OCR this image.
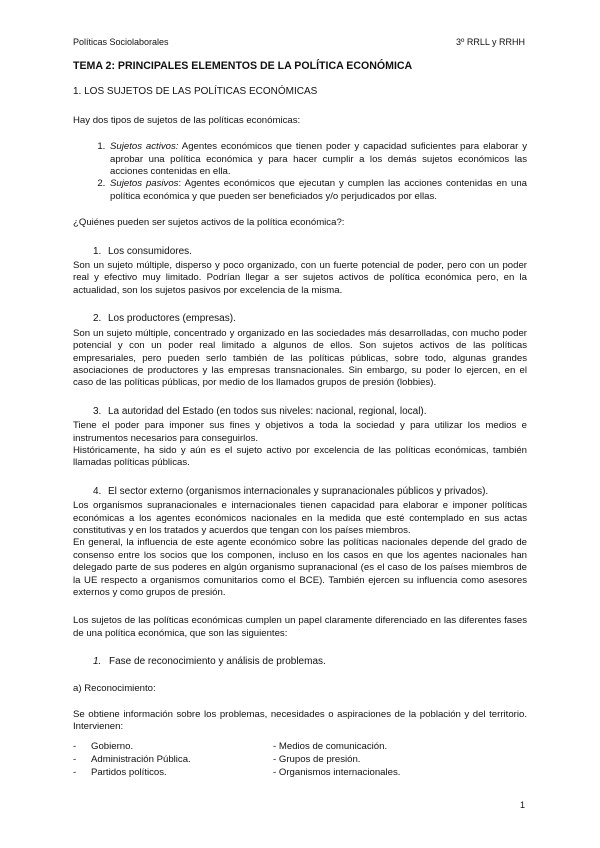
Políticas Sociolaborales	3º RRLL y RRHH

TEMA 2: PRINCIPALES ELEMENTOS DE LA POLÍTICA ECONÓMICA

1. LOS SUJETOS DE LAS POLÍTICAS ECONÓMICAS

Hay dos tipos de sujetos de las políticas económicas:

1. Sujetos activos: Agentes económicos que tienen poder y capacidad suficientes para elaborar y aprobar una política económica y para hacer cumplir a los demás sujetos económicos las acciones contenidas en ella.
2. Sujetos pasivos: Agentes económicos que ejecutan y cumplen las acciones contenidas en una política económica y que pueden ser beneficiados y/o perjudicados por ellas.

¿Quiénes pueden ser sujetos activos de la política económica?:

1. Los consumidores.

Son un sujeto múltiple, disperso y poco organizado, con un fuerte potencial de poder, pero con un poder real y efectivo muy limitado. Podrían llegar a ser sujetos activos de política económica pero, en la actualidad, son los sujetos pasivos por excelencia de la misma.

2. Los productores (empresas).

Son un sujeto múltiple, concentrado y organizado en las sociedades más desarrolladas, con mucho poder potencial y con un poder real limitado a algunos de ellos. Son sujetos activos de las políticas empresariales, pero pueden serlo también de las políticas públicas, sobre todo, algunas grandes asociaciones de productores y las empresas transnacionales. Sin embargo, su poder lo ejercen, en el caso de las políticas públicas, por medio de los llamados grupos de presión (lobbies).

3. La autoridad del Estado (en todos sus niveles: nacional, regional, local).

Tiene el poder para imponer sus fines y objetivos a toda la sociedad y para utilizar los medios e instrumentos necesarios para conseguirlos.

Históricamente, ha sido y aún es el sujeto activo por excelencia de las políticas económicas, también llamadas políticas públicas.

4. El sector externo (organismos internacionales y supranacionales públicos y privados).

Los organismos supranacionales e internacionales tienen capacidad para elaborar e imponer políticas económicas a los agentes económicos nacionales en la medida que esté contemplado en sus actas constitutivas y en los tratados y acuerdos que tengan con los países miembros.

En general, la influencia de este agente económico sobre las políticas nacionales depende del grado de consenso entre los socios que los componen, incluso en los casos en que los agentes nacionales han delegado parte de sus poderes en algún organismo supranacional (es el caso de los países miembros de la UE respecto a organismos comunitarios como el BCE). También ejercen su influencia como asesores externos y como grupos de presión.

Los sujetos de las políticas económicas cumplen un papel claramente diferenciado en las diferentes fases de una política económica, que son las siguientes:

1. Fase de reconocimiento y análisis de problemas.

a) Reconocimiento:

Se obtiene información sobre los problemas, necesidades o aspiraciones de la población y del territorio. Intervienen:

-	Gobierno.	- Medios de comunicación.
-	Administración Pública.	- Grupos de presión.
-	Partidos políticos.	- Organismos internacionales.
1
